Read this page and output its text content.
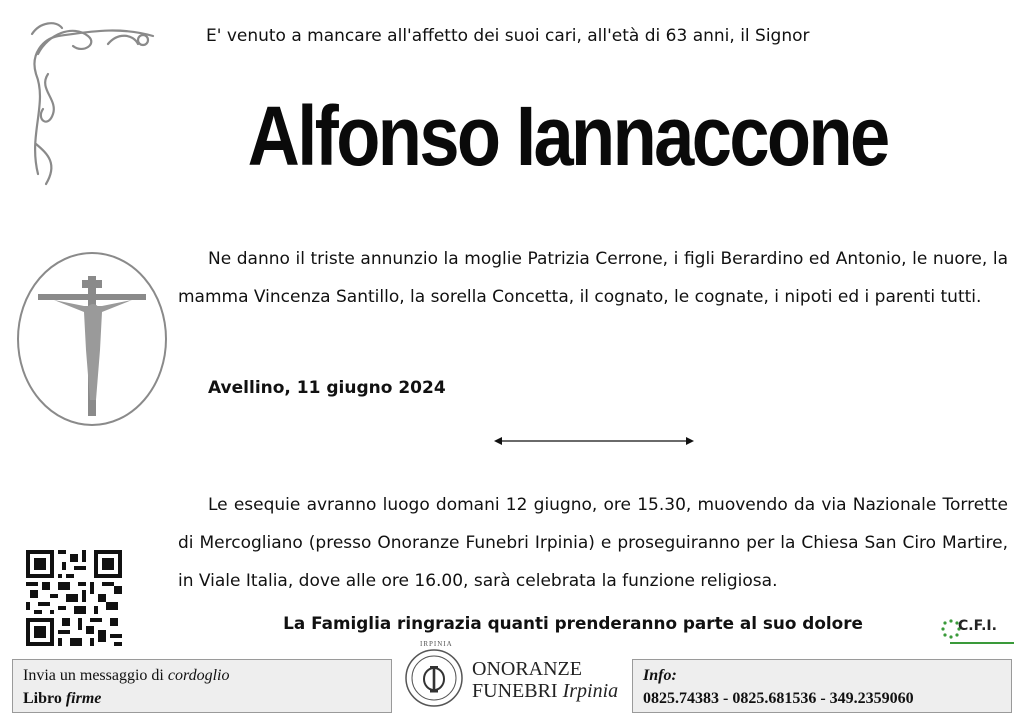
E' venuto a mancare all'affetto dei suoi cari, all'età di 63 anni, il Signor
Alfonso Iannaccone
Ne danno il triste annunzio la moglie Patrizia Cerrone, i figli Berardino ed Antonio, le nuore, la mamma Vincenza Santillo, la sorella Concetta, il cognato, le cognate, i nipoti ed i parenti tutti.
Avellino, 11 giugno 2024
Le esequie avranno luogo domani 12 giugno, ore 15.30, muovendo da via Nazionale Torrette di Mercogliano (presso Onoranze Funebri Irpinia) e proseguiranno per la Chiesa San Ciro Martire, in Viale Italia, dove alle ore 16.00, sarà celebrata la funzione religiosa.
La Famiglia ringrazia quanti prenderanno parte al suo dolore	C.F.I.
Invia un messaggio di cordoglio
Libro firme
IRPINIA
ONORANZE
FUNEBRI Irpinia
Info:
0825.74383 - 0825.681536 - 349.2359060
